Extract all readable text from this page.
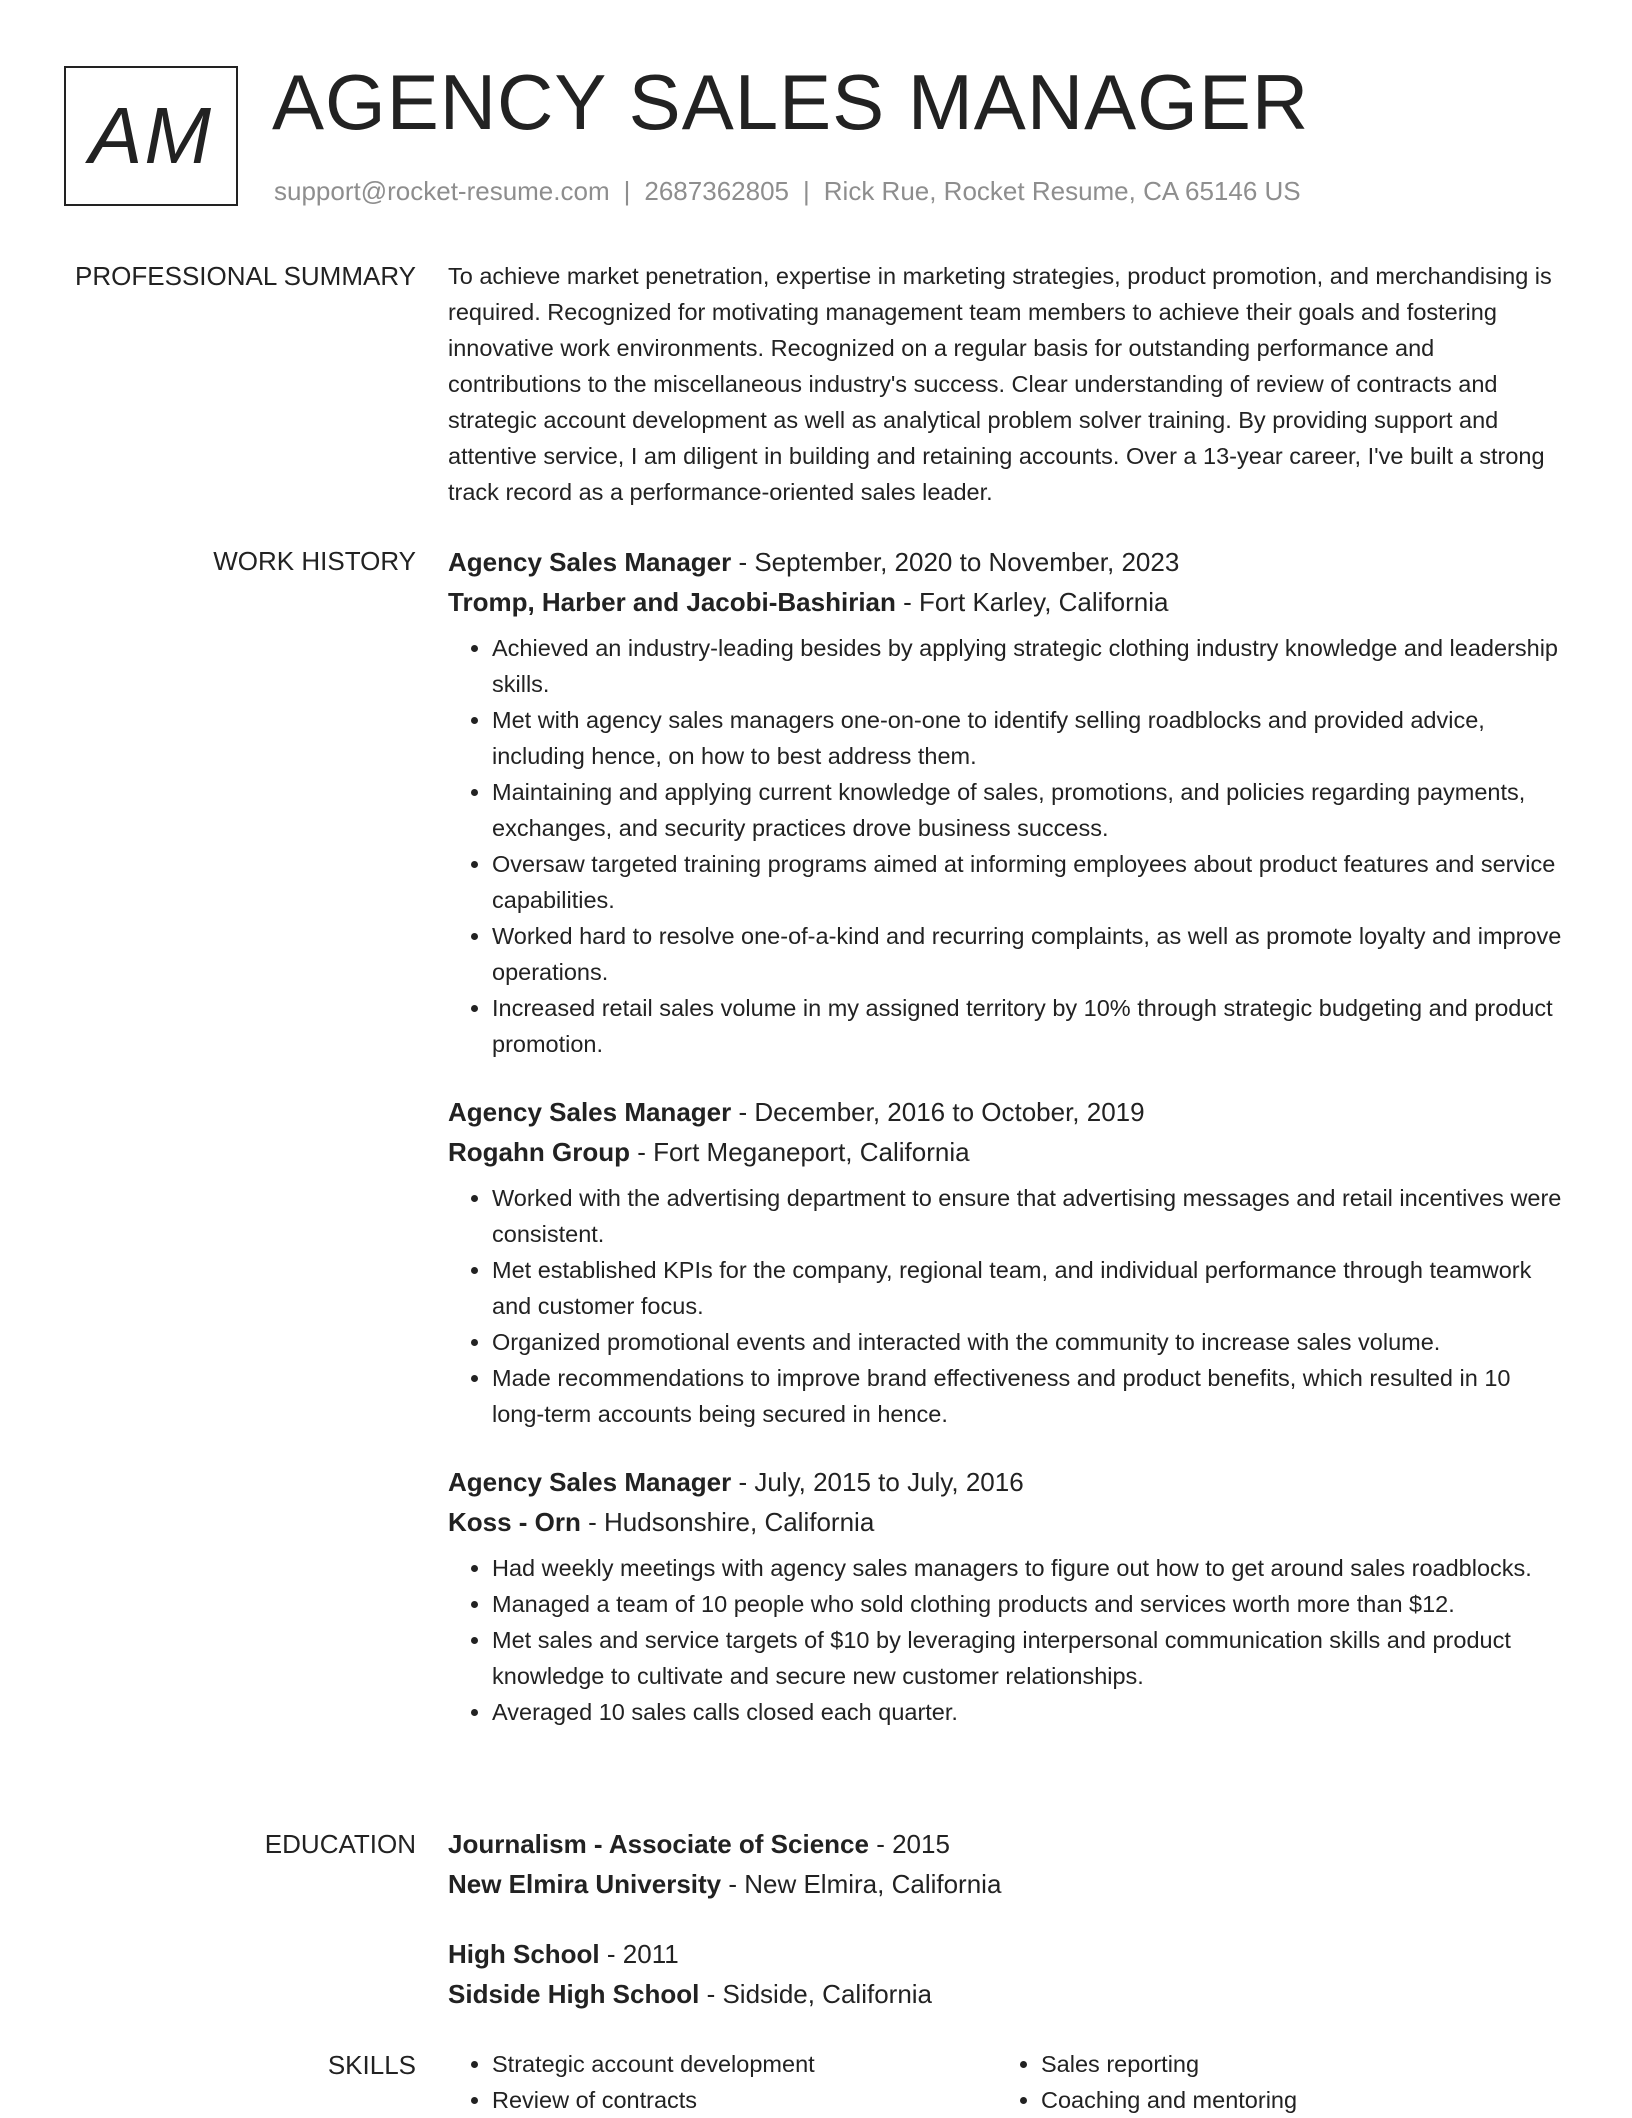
AM AGENCY SALES MANAGER
support@rocket-resume.com | 2687362805 | Rick Rue, Rocket Resume, CA 65146 US
PROFESSIONAL SUMMARY To achieve market penetration, expertise in marketing strategies, product promotion, and merchandising is required. Recognized for motivating management team members to achieve their goals and fostering innovative work environments. Recognized on a regular basis for outstanding performance and contributions to the miscellaneous industry's success. Clear understanding of review of contracts and strategic account development as well as analytical problem solver training. By providing support and attentive service, I am diligent in building and retaining accounts. Over a 13-year career, I've built a strong track record as a performance-oriented sales leader.
WORK HISTORY Agency Sales Manager - September, 2020 to November, 2023
Tromp, Harber and Jacobi-Bashirian - Fort Karley, California
• Achieved an industry-leading besides by applying strategic clothing industry knowledge and leadership skills.
• Met with agency sales managers one-on-one to identify selling roadblocks and provided advice, including hence, on how to best address them.
• Maintaining and applying current knowledge of sales, promotions, and policies regarding payments, exchanges, and security practices drove business success.
• Oversaw targeted training programs aimed at informing employees about product features and service capabilities.
• Worked hard to resolve one-of-a-kind and recurring complaints, as well as promote loyalty and improve operations.
• Increased retail sales volume in my assigned territory by 10% through strategic budgeting and product promotion.
Agency Sales Manager - December, 2016 to October, 2019
Rogahn Group - Fort Meganeport, California
• Worked with the advertising department to ensure that advertising messages and retail incentives were consistent.
• Met established KPIs for the company, regional team, and individual performance through teamwork and customer focus.
• Organized promotional events and interacted with the community to increase sales volume.
• Made recommendations to improve brand effectiveness and product benefits, which resulted in 10 long-term accounts being secured in hence.
Agency Sales Manager - July, 2015 to July, 2016
Koss - Orn - Hudsonshire, California
• Had weekly meetings with agency sales managers to figure out how to get around sales roadblocks.
• Managed a team of 10 people who sold clothing products and services worth more than $12.
• Met sales and service targets of $10 by leveraging interpersonal communication skills and product knowledge to cultivate and secure new customer relationships.
• Averaged 10 sales calls closed each quarter.
EDUCATION Journalism - Associate of Science - 2015
New Elmira University - New Elmira, California
High School - 2011
Sidside High School - Sidside, California
SKILLS
•	Strategic account development
• Review of contracts
• Sales reporting
• Coaching and mentoring
